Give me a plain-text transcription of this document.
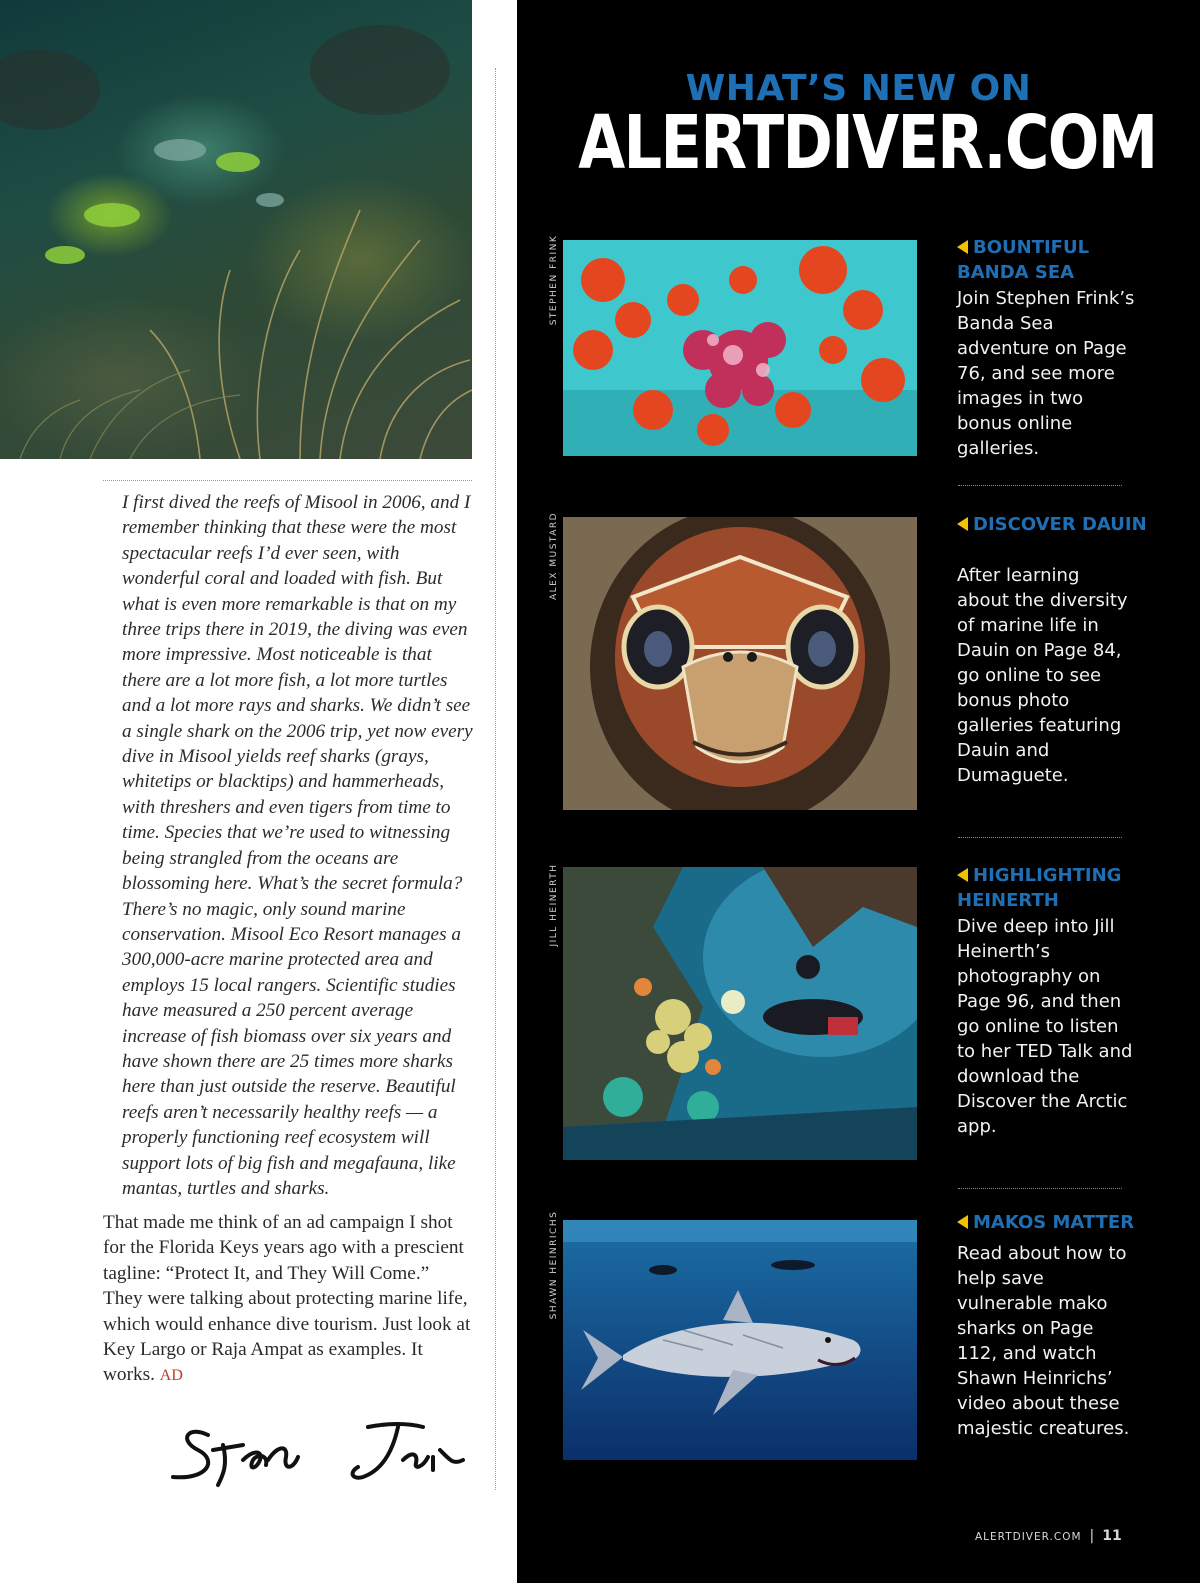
I first dived the reefs of Misool in 2006, and I remember thinking that these were the most spectacular reefs I’d ever seen, with wonderful coral and loaded with fish. But what is even more remarkable is that on my three trips there in 2019, the diving was even more impressive. Most noticeable is that there are a lot more fish, a lot more turtles and a lot more rays and sharks. We didn’t see a single shark on the 2006 trip, yet now every dive in Misool yields reef sharks (grays, whitetips or blacktips) and hammerheads, with threshers and even tigers from time to time. Species that we’re used to witnessing being strangled from the oceans are blossoming here. What’s the secret formula? There’s no magic, only sound marine conservation. Misool Eco Resort manages a 300,000-acre marine protected area and employs 15 local rangers. Scientific studies have measured a 250 percent average increase of fish biomass over six years and have shown there are 25 times more sharks here than just outside the reserve. Beautiful reefs aren’t necessarily healthy reefs — a properly functioning reef ecosystem will support lots of big fish and megafauna, like mantas, turtles and sharks.

That made me think of an ad campaign I shot for the Florida Keys years ago with a prescient tagline: “Protect It, and They Will Come.” They were talking about protecting marine life, which would enhance dive tourism. Just look at Key Largo or Raja Ampat as examples. It works. AD

WHAT’S NEW ON
ALERTDIVER.COM
STEPHEN FRINK	BOUNTIFUL BANDA SEA

Join Stephen Frink’s Banda Sea adventure on Page 76, and see more images in two bonus online galleries.

ALEX MUSTARD	DISCOVER DAUIN

After learning about the diversity of marine life in Dauin on Page 84, go online to see bonus photo galleries featuring Dauin and Dumaguete.

JILL HEINERTH	HIGHLIGHTING HEINERTH

Dive deep into Jill Heinerth’s photography on Page 96, and then go online to listen to her TED Talk and download the Discover the Arctic app.

SHAWN HEINRICHS	MAKOS MATTER

Read about how to help save vulnerable mako sharks on Page 112, and watch Shawn Heinrichs’ video about these majestic creatures.

ALERTDIVER.COM | 11
